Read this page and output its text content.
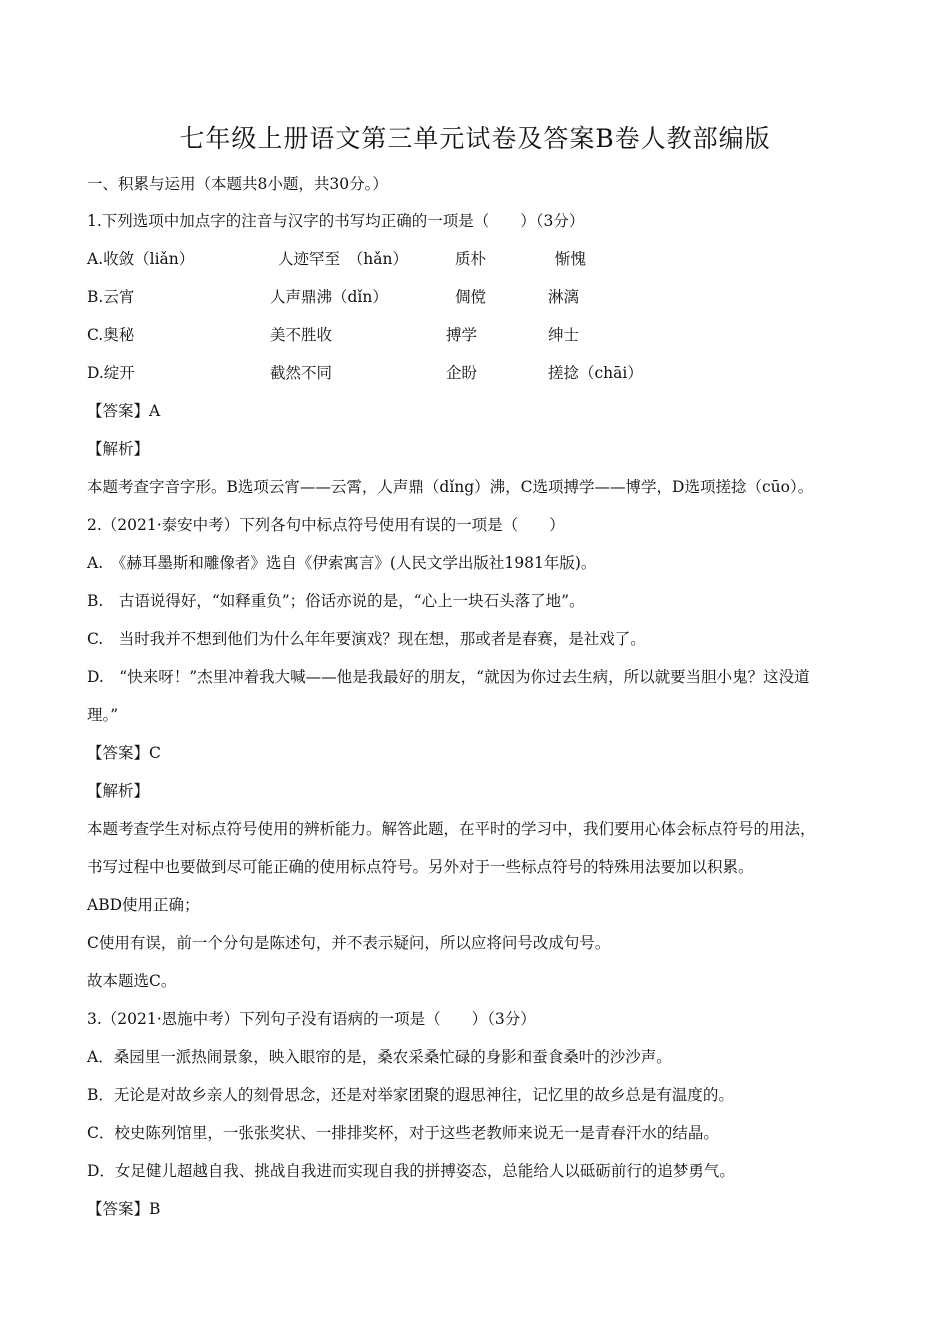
七年级上册语文第三单元试卷及答案B卷人教部编版
一、积累与运用（本题共8小题，共30分。）
1.下列选项中加点字的注音与汉字的书写均正确的一项是（　　）（3分）
A.收敛（liǎn）	人迹罕至　（hǎn）	质朴	惭愧
B.云宵	人声鼎沸（dǐn）	倜傥	淋漓
C.奥秘	美不胜收	搏学	绅士
D.绽开	截然不同	企盼	搓捻（chāi）
【答案】A
【解析】
本题考查字音字形。B选项云宵——云霄，人声鼎（dǐng）沸，C选项搏学——博学，D选项搓捻（cūo）。
2.（2021·泰安中考）下列各句中标点符号使用有误的一项是（　　）
A.　《赫耳墨斯和雕像者》选自《伊索寓言》(人民文学出版社1981年版)。
B.　古语说得好，“如释重负”；俗话亦说的是，“心上一块石头落了地”。
C.　当时我并不想到他们为什么年年要演戏？现在想，那或者是春赛，是社戏了。
D.　“快来呀！”杰里冲着我大喊——他是我最好的朋友，“就因为你过去生病，所以就要当胆小鬼？这没道
理。”
【答案】C
【解析】
本题考查学生对标点符号使用的辨析能力。解答此题，在平时的学习中，我们要用心体会标点符号的用法，
书写过程中也要做到尽可能正确的使用标点符号。另外对于一些标点符号的特殊用法要加以积累。
ABD使用正确；
C使用有误，前一个分句是陈述句，并不表示疑问，所以应将问号改成句号。
故本题选C。
3.（2021·恩施中考）下列句子没有语病的一项是（　　）（3分）
A．桑园里一派热闹景象，映入眼帘的是，桑农采桑忙碌的身影和蚕食桑叶的沙沙声。
B．无论是对故乡亲人的刻骨思念，还是对举家团聚的遐思神往，记忆里的故乡总是有温度的。
C．校史陈列馆里，一张张奖状、一排排奖杯，对于这些老教师来说无一是青春汗水的结晶。
D．女足健儿超越自我、挑战自我进而实现自我的拼搏姿态，总能给人以砥砺前行的追梦勇气。
【答案】B
